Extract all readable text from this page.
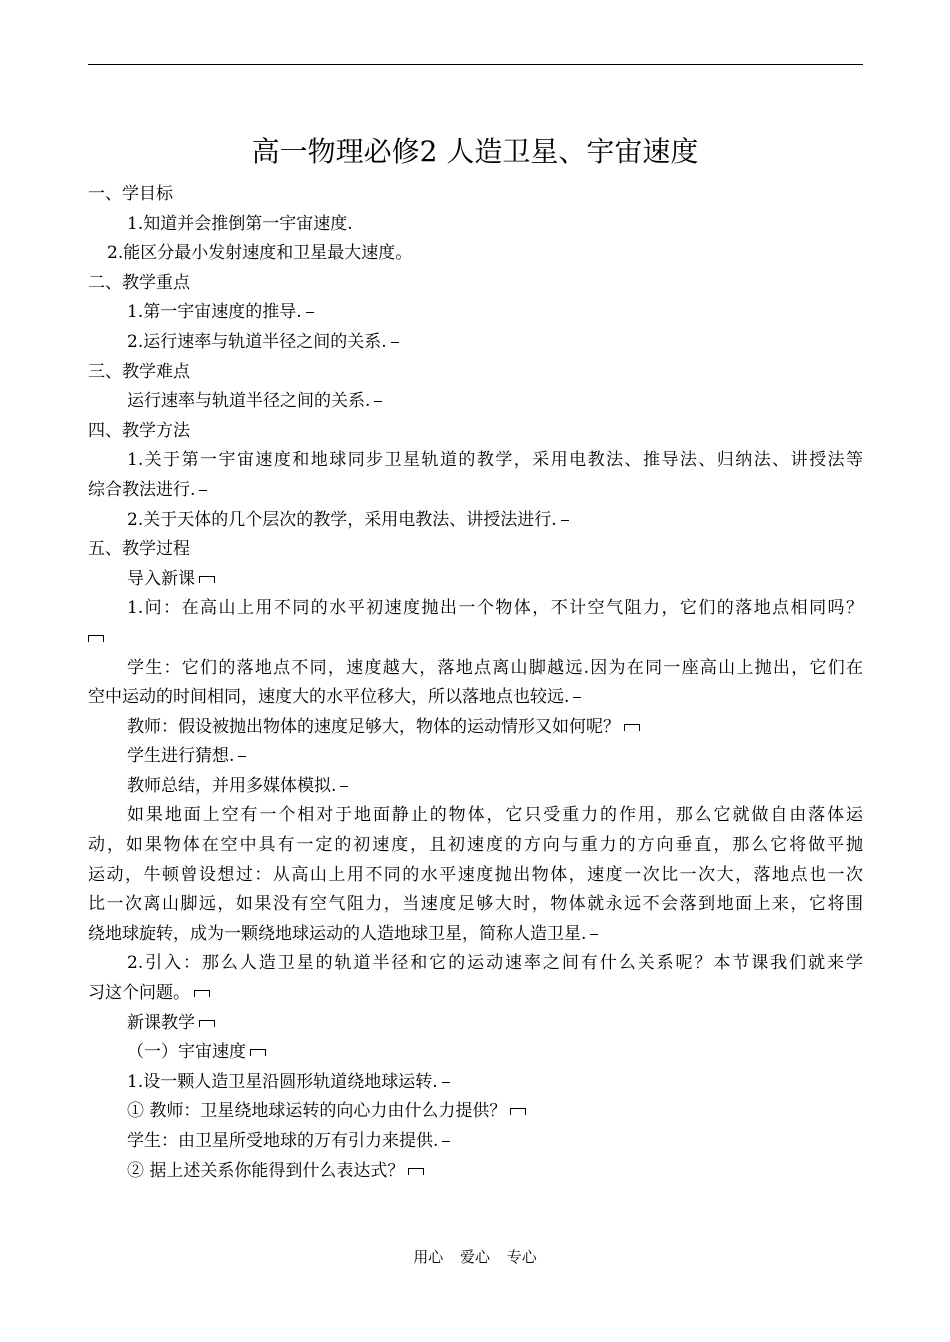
高一物理必修2 人造卫星、宇宙速度
一、学目标
1.知道并会推倒第一宇宙速度.
2.能区分最小发射速度和卫星最大速度。
二、教学重点
1.第一宇宙速度的推导.
2.运行速率与轨道半径之间的关系.
三、教学难点
运行速率与轨道半径之间的关系.
四、教学方法
1.关于第一宇宙速度和地球同步卫星轨道的教学，采用电教法、推导法、归纳法、讲授法等
综合教法进行.
2.关于天体的几个层次的教学，采用电教法、讲授法进行.
五、教学过程
导入新课
1.问：在高山上用不同的水平初速度抛出一个物体，不计空气阻力，它们的落地点相同吗？
学生：它们的落地点不同，速度越大，落地点离山脚越远.因为在同一座高山上抛出，它们在
空中运动的时间相同，速度大的水平位移大，所以落地点也较远.
教师：假设被抛出物体的速度足够大，物体的运动情形又如何呢？
学生进行猜想.
教师总结，并用多媒体模拟.
如果地面上空有一个相对于地面静止的物体，它只受重力的作用，那么它就做自由落体运
动，如果物体在空中具有一定的初速度，且初速度的方向与重力的方向垂直，那么它将做平抛
运动，牛顿曾设想过：从高山上用不同的水平速度抛出物体，速度一次比一次大，落地点也一次
比一次离山脚远，如果没有空气阻力，当速度足够大时，物体就永远不会落到地面上来，它将围
绕地球旋转，成为一颗绕地球运动的人造地球卫星，简称人造卫星.
2.引入：那么人造卫星的轨道半径和它的运动速率之间有什么关系呢？本节课我们就来学
习这个问题。
新课教学
（一）宇宙速度
1.设一颗人造卫星沿圆形轨道绕地球运转.
① 教师：卫星绕地球运转的向心力由什么力提供？
学生：由卫星所受地球的万有引力来提供.
② 据上述关系你能得到什么表达式？
用心 爱心 专心
